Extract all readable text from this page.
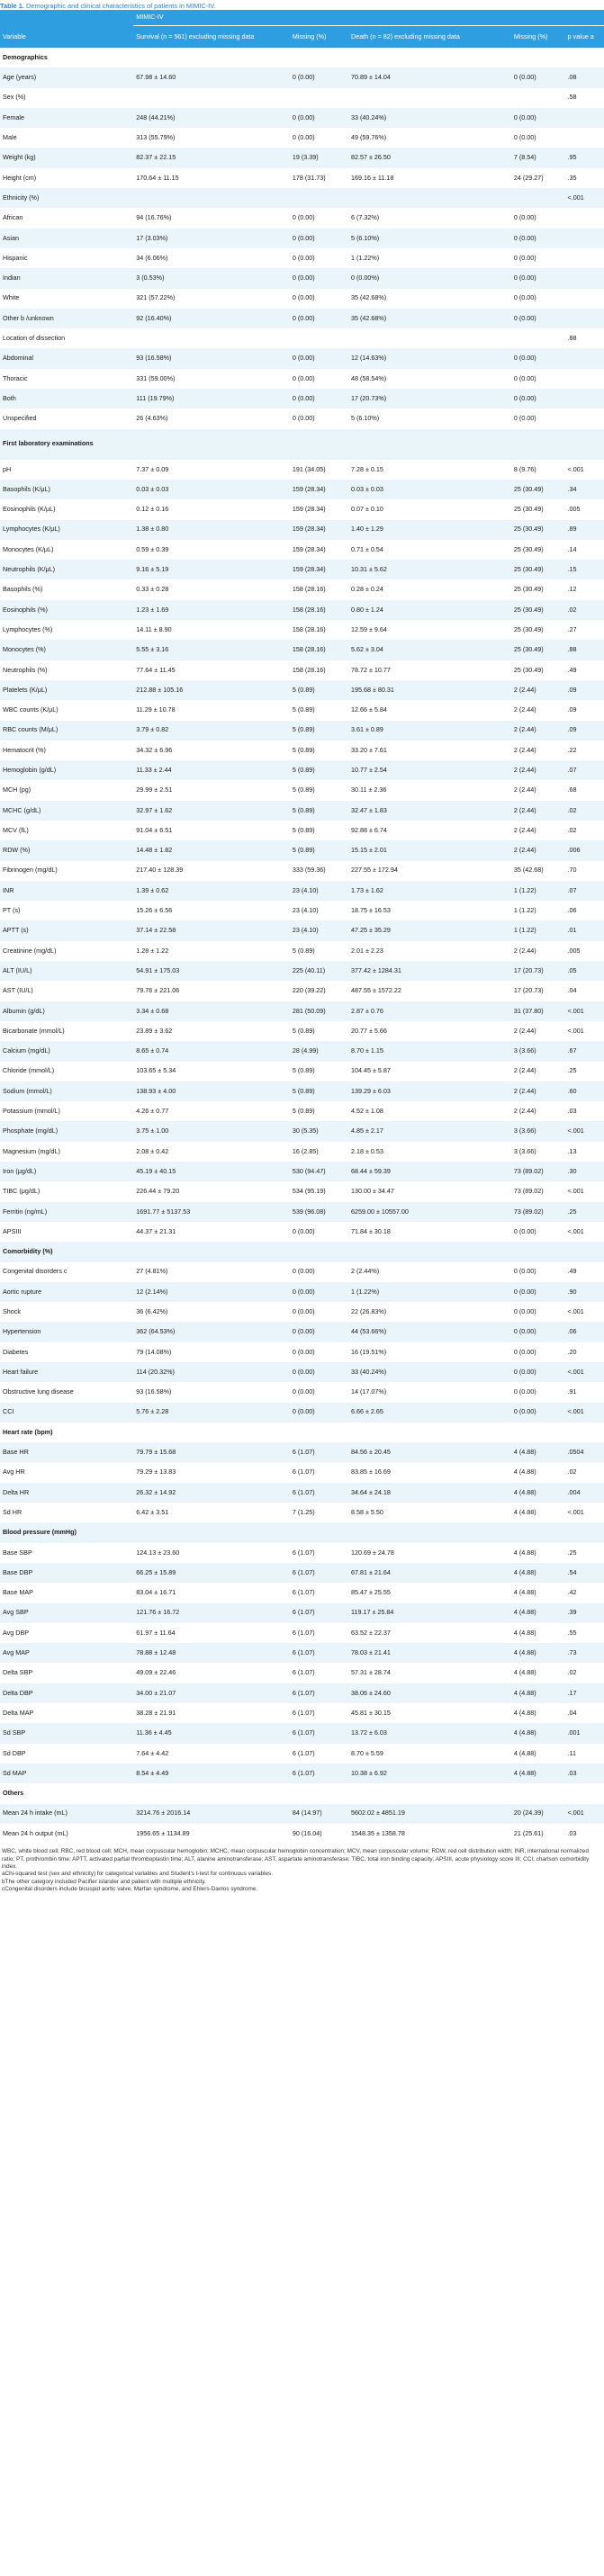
Table 1. Demographic and clinical characteristics of patients in MIMIC-IV.
	MIMIC-IV				
Variable	Survival (n = 561) excluding missing data	Missing (%)	Death (n = 82) excluding missing data	Missing (%)	p value a
Demographics					
Age (years)	67.98 ± 14.60	0 (0.00)	70.89 ± 14.04	0 (0.00)	.08
Sex (%)					.58
Female	248 (44.21%)	0 (0.00)	33 (40.24%)	0 (0.00)	
Male	313 (55.79%)	0 (0.00)	49 (59.76%)	0 (0.00)	
Weight (kg)	82.37 ± 22.15	19 (3.39)	82.57 ± 26.50	7 (8.54)	.95
Height (cm)	170.64 ± 11.15	178 (31.73)	169.16 ± 11.18	24 (29.27)	.35
Ethnicity (%)					<.001
African	94 (16.76%)	0 (0.00)	6 (7.32%)	0 (0.00)	
Asian	17 (3.03%)	0 (0.00)	5 (6.10%)	0 (0.00)	
Hispanic	34 (6.06%)	0 (0.00)	1 (1.22%)	0 (0.00)	
Indian	3 (0.53%)	0 (0.00)	0 (0.00%)	0 (0.00)	
White	321 (57.22%)	0 (0.00)	35 (42.68%)	0 (0.00)	
Other b /unknown	92 (16.40%)	0 (0.00)	35 (42.68%)	0 (0.00)	
Location of dissection					.88
Abdominal	93 (16.58%)	0 (0.00)	12 (14.63%)	0 (0.00)	
Thoracic	331 (59.00%)	0 (0.00)	48 (58.54%)	0 (0.00)	
Both	111 (19.79%)	0 (0.00)	17 (20.73%)	0 (0.00)	
Unspecified	26 (4.63%)	0 (0.00)	5 (6.10%)	0 (0.00)	
First laboratory examinations					
pH	7.37 ± 0.09	191 (34.05)	7.28 ± 0.15	8 (9.76)	<.001
Basophils (K/μL)	0.03 ± 0.03	159 (28.34)	0.03 ± 0.03	25 (30.49)	.34
Eosinophils (K/μL)	0.12 ± 0.16	159 (28.34)	0.07 ± 0.10	25 (30.49)	.005
Lymphocytes (K/μL)	1.38 ± 0.80	159 (28.34)	1.40 ± 1.29	25 (30.49)	.89
Monocytes (K/μL)	0.59 ± 0.39	159 (28.34)	0.71 ± 0.54	25 (30.49)	.14
Neutrophils (K/μL)	9.16 ± 5.19	159 (28.34)	10.31 ± 5.62	25 (30.49)	.15
Basophils (%)	0.33 ± 0.28	158 (28.16)	0.28 ± 0.24	25 (30.49)	.12
Eosinophils (%)	1.23 ± 1.69	158 (28.16)	0.80 ± 1.24	25 (30.49)	.02
Lymphocytes (%)	14.11 ± 8.90	158 (28.16)	12.59 ± 9.64	25 (30.49)	.27
Monocytes (%)	5.55 ± 3.16	158 (28.16)	5.62 ± 3.04	25 (30.49)	.88
Neutrophils (%)	77.64 ± 11.45	158 (28.16)	78.72 ± 10.77	25 (30.49)	.49
Platelets (K/μL)	212.88 ± 105.16	5 (0.89)	195.68 ± 80.31	2 (2.44)	.09
WBC counts (K/μL)	11.29 ± 10.78	5 (0.89)	12.66 ± 5.84	2 (2.44)	.09
RBC counts (M/μL)	3.79 ± 0.82	5 (0.89)	3.61 ± 0.89	2 (2.44)	.09
Hematocrit (%)	34.32 ± 6.96	5 (0.89)	33.20 ± 7.61	2 (2.44)	.22
Hemoglobin (g/dL)	11.33 ± 2.44	5 (0.89)	10.77 ± 2.54	2 (2.44)	.07
MCH (pg)	29.99 ± 2.51	5 (0.89)	30.11 ± 2.36	2 (2.44)	.68
MCHC (g/dL)	32.97 ± 1.62	5 (0.89)	32.47 ± 1.83	2 (2.44)	.02
MCV (fL)	91.04 ± 6.51	5 (0.89)	92.88 ± 6.74	2 (2.44)	.02
RDW (%)	14.48 ± 1.82	5 (0.89)	15.15 ± 2.01	2 (2.44)	.006
Fibrinogen (mg/dL)	217.40 ± 128.39	333 (59.36)	227.55 ± 172.94	35 (42.68)	.70
INR	1.39 ± 0.62	23 (4.10)	1.73 ± 1.62	1 (1.22)	.07
PT (s)	15.26 ± 6.56	23 (4.10)	18.75 ± 16.53	1 (1.22)	.06
APTT (s)	37.14 ± 22.58	23 (4.10)	47.25 ± 35.29	1 (1.22)	.01
Creatinine (mg/dL)	1.28 ± 1.22	5 (0.89)	2.01 ± 2.23	2 (2.44)	.005
ALT (IU/L)	54.91 ± 175.03	225 (40.11)	377.42 ± 1284.31	17 (20.73)	.05
AST (IU/L)	79.76 ± 221.06	220 (39.22)	487.55 ± 1572.22	17 (20.73)	.04
Albumin (g/dL)	3.34 ± 0.68	281 (50.09)	2.87 ± 0.76	31 (37.80)	<.001
Bicarbonate (mmol/L)	23.89 ± 3.62	5 (0.89)	20.77 ± 5.66	2 (2.44)	<.001
Calcium (mg/dL)	8.65 ± 0.74	28 (4.99)	8.70 ± 1.15	3 (3.66)	.67
Chloride (mmol/L)	103.65 ± 5.34	5 (0.89)	104.45 ± 5.87	2 (2.44)	.25
Sodium (mmol/L)	138.93 ± 4.00	5 (0.89)	139.29 ± 6.03	2 (2.44)	.60
Potassium (mmol/L)	4.26 ± 0.77	5 (0.89)	4.52 ± 1.08	2 (2.44)	.03
Phosphate (mg/dL)	3.75 ± 1.00	30 (5.35)	4.85 ± 2.17	3 (3.66)	<.001
Magnesium (mg/dL)	2.08 ± 0.42	16 (2.85)	2.18 ± 0.53	3 (3.66)	.13
Iron (μg/dL)	45.19 ± 40.15	530 (94.47)	68.44 ± 59.39	73 (89.02)	.30
TIBC (μg/dL)	226.44 ± 79.20	534 (95.19)	130.00 ± 34.47	73 (89.02)	<.001
Ferritin (ng/mL)	1691.77 ± 5137.53	539 (96.08)	6259.00 ± 10557.00	73 (89.02)	.25
APSIII	44.37 ± 21.31	0 (0.00)	71.84 ± 30.18	0 (0.00)	<.001
Comorbidity (%)					
Congenital disorders c	27 (4.81%)	0 (0.00)	2 (2.44%)	0 (0.00)	.49
Aortic rupture	12 (2.14%)	0 (0.00)	1 (1.22%)	0 (0.00)	.90
Shock	36 (6.42%)	0 (0.00)	22 (26.83%)	0 (0.00)	<.001
Hypertension	362 (64.53%)	0 (0.00)	44 (53.66%)	0 (0.00)	.06
Diabetes	79 (14.08%)	0 (0.00)	16 (19.51%)	0 (0.00)	.20
Heart failure	114 (20.32%)	0 (0.00)	33 (40.24%)	0 (0.00)	<.001
Obstructive lung disease	93 (16.58%)	0 (0.00)	14 (17.07%)	0 (0.00)	.91
CCI	5.76 ± 2.28	0 (0.00)	6.66 ± 2.65	0 (0.00)	<.001
Heart rate (bpm)					
Base HR	79.79 ± 15.68	6 (1.07)	84.56 ± 20.45	4 (4.88)	.0504
Avg HR	79.29 ± 13.83	6 (1.07)	83.85 ± 16.69	4 (4.88)	.02
Delta HR	26.32 ± 14.92	6 (1.07)	34.64 ± 24.18	4 (4.88)	.004
Sd HR	6.42 ± 3.51	7 (1.25)	8.58 ± 5.50	4 (4.88)	<.001
Blood pressure (mmHg)					
Base SBP	124.13 ± 23.60	6 (1.07)	120.69 ± 24.78	4 (4.88)	.25
Base DBP	66.25 ± 15.89	6 (1.07)	67.81 ± 21.64	4 (4.88)	.54
Base MAP	83.04 ± 16.71	6 (1.07)	85.47 ± 25.55	4 (4.88)	.42
Avg SBP	121.76 ± 16.72	6 (1.07)	119.17 ± 25.84	4 (4.88)	.39
Avg DBP	61.97 ± 11.64	6 (1.07)	63.52 ± 22.37	4 (4.88)	.55
Avg MAP	78.88 ± 12.48	6 (1.07)	78.03 ± 21.41	4 (4.88)	.73
Delta SBP	49.09 ± 22.46	6 (1.07)	57.31 ± 28.74	4 (4.88)	.02
Delta DBP	34.00 ± 21.07	6 (1.07)	38.06 ± 24.60	4 (4.88)	.17
Delta MAP	38.28 ± 21.91	6 (1.07)	45.81 ± 30.15	4 (4.88)	.04
Sd SBP	11.36 ± 4.45	6 (1.07)	13.72 ± 6.03	4 (4.88)	.001
Sd DBP	7.64 ± 4.42	6 (1.07)	8.70 ± 5.59	4 (4.88)	.11
Sd MAP	8.54 ± 4.49	6 (1.07)	10.38 ± 6.92	4 (4.88)	.03
Others					
Mean 24 h intake (mL)	3214.76 ± 2016.14	84 (14.97)	5602.02 ± 4851.19	20 (24.39)	<.001
Mean 24 h output (mL)	1956.65 ± 1134.89	90 (16.04)	1548.35 ± 1358.78	21 (25.61)	.03
WBC, white blood cell; RBC, red blood cell; MCH, mean corpuscular hemoglobin; MCHC, mean corpuscular hemoglobin concentration; MCV, mean corpuscular volume; RDW, red cell distribution width; INR, international normalized ratio; PT, prothrombin time; APTT, activated partial thromboplastin time; ALT, alanine aminotransferase; AST, aspartate aminotransferase; TIBC, total iron binding capacity; APSIII, acute physiology score III; CCI, charlson comorbidity index.
aChi-squared test (sex and ethnicity) for categorical variables and Student's t-test for continuous variables.
bThe other category included Pacifier islander and patient with multiple ethnicity.
cCongenital disorders include bicuspid aortic valve, Marfan syndrome, and Ehlers-Danlos syndrome.
